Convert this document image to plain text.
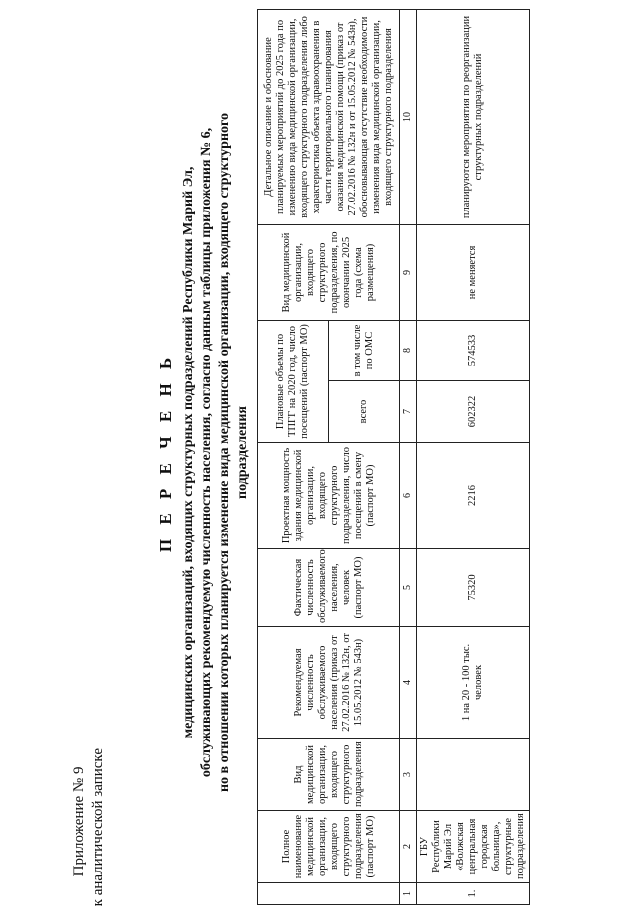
Приложение № 9 к аналитической записке
П Е Р Е Ч Е Н Ь медицинских организаций, входящих структурных подразделений Республики Марий Эл, обслуживающих рекомендуемую численность населения, согласно данным таблицы приложения № 6, но в отношении которых планируется изменение вида медицинской организации, входящего структурного подразделения
	Полное наименование медицинской организации, входящего структурного подразделения (паспорт МО)	Вид медицинской организации, входящего структурного подразделения	Рекомендуемая численность обслуживаемого населения (приказ от 27.02.2016 № 132н, от 15.05.2012 № 543н)	Фактическая численность обслуживаемого населения, человек (паспорт МО)	Проектная мощность здания медицинской организации, входящего структурного подразделения, число посещений в смену (паспорт МО)	Плановые объемы по ТПГГ на 2020 год, число посещений (паспорт МО)		Вид медицинской организации, входящего структурного подразделения, по окончании 2025 года (схема размещения)	Детальное описание и обоснование планируемых мероприятий до 2025 года по изменению вида медицинской организации, входящего структурного подразделения либо характеристика объекта здравоохранения в части территориального планирования оказания медицинской помощи (приказ от 27.02.2016 № 132н и от 15.05.2012 № 543н), обосновывающая отсутствие необходимости изменения вида медицинской организации, входящего структурного подразделения
						всего	в том числе по ОМС		
1	2	3	4	5	6	7	8	9	10
1.	ГБУ Республики Марий Эл «Волжская центральная городская больница», структурные подразделения		1 на 20 - 100 тыс. человек	75320	2216	602322	574533	не меняется	планируются мероприятия по реорганизации структурных подразделений
